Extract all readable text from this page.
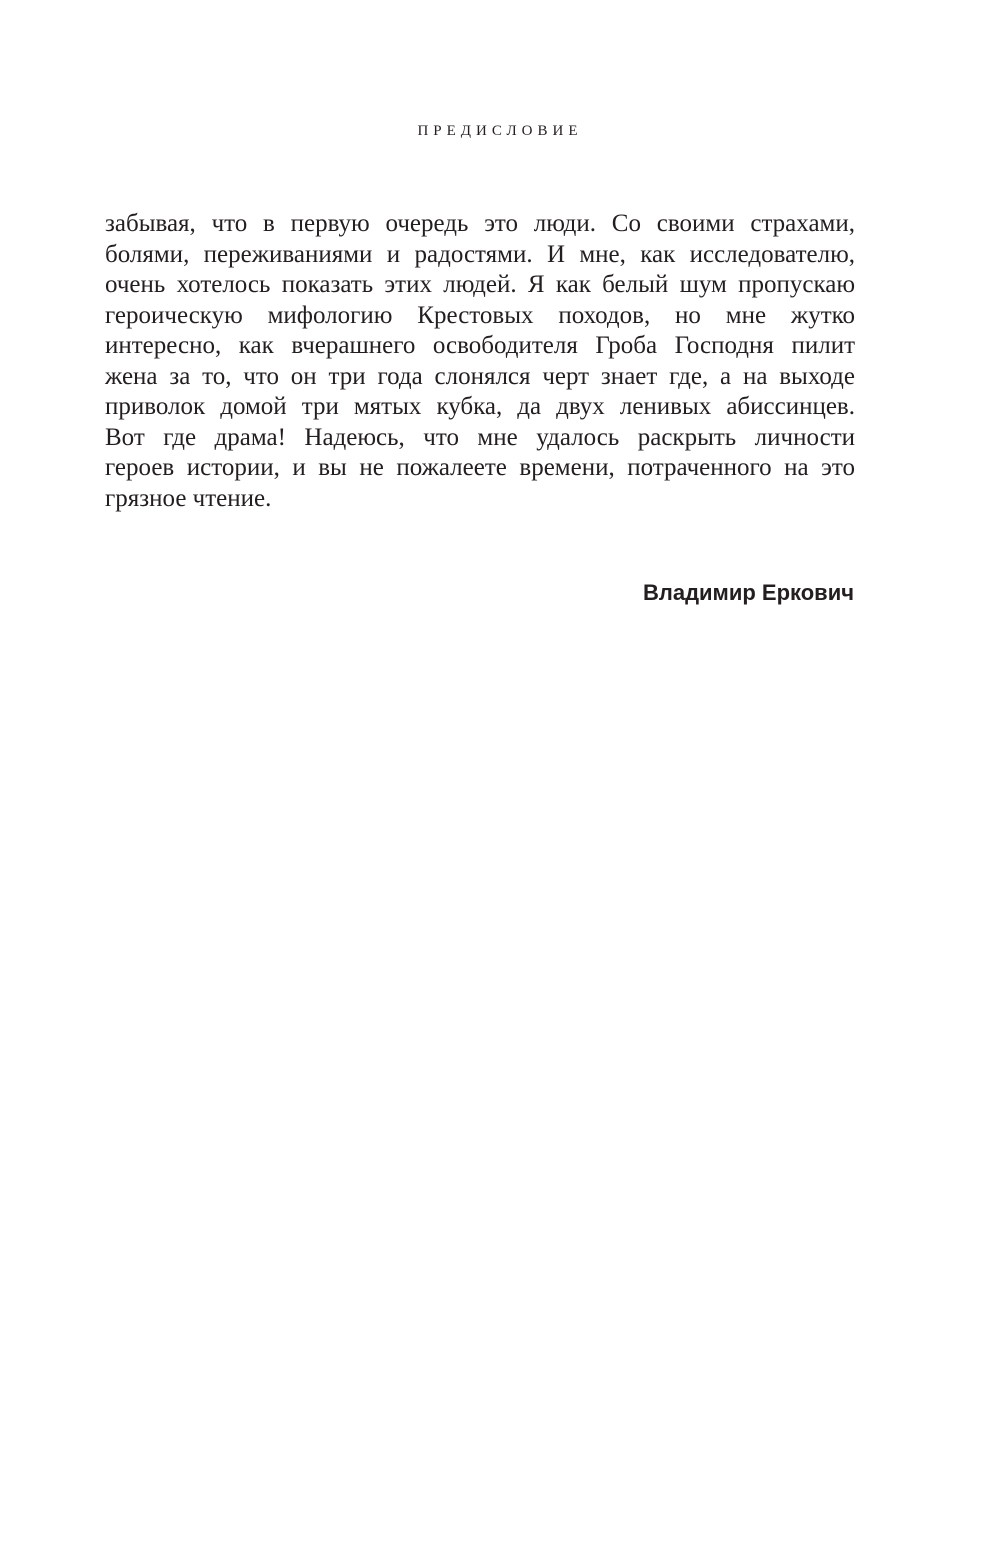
ПРЕДИСЛОВИЕ
забывая, что в первую очередь это люди. Со своими страхами,
болями, переживаниями и радостями. И мне, как исследователю,
очень хотелось показать этих людей. Я как белый шум пропускаю
героическую мифологию Крестовых походов, но мне жутко
интересно, как вчерашнего освободителя Гроба Господня пилит
жена за то, что он три года слонялся черт знает где, а на выходе
приволок домой три мятых кубка, да двух ленивых абиссинцев.
Вот где драма! Надеюсь, что мне удалось раскрыть личности
героев истории, и вы не пожалеете времени, потраченного на это
грязное чтение.
Владимир Еркович
